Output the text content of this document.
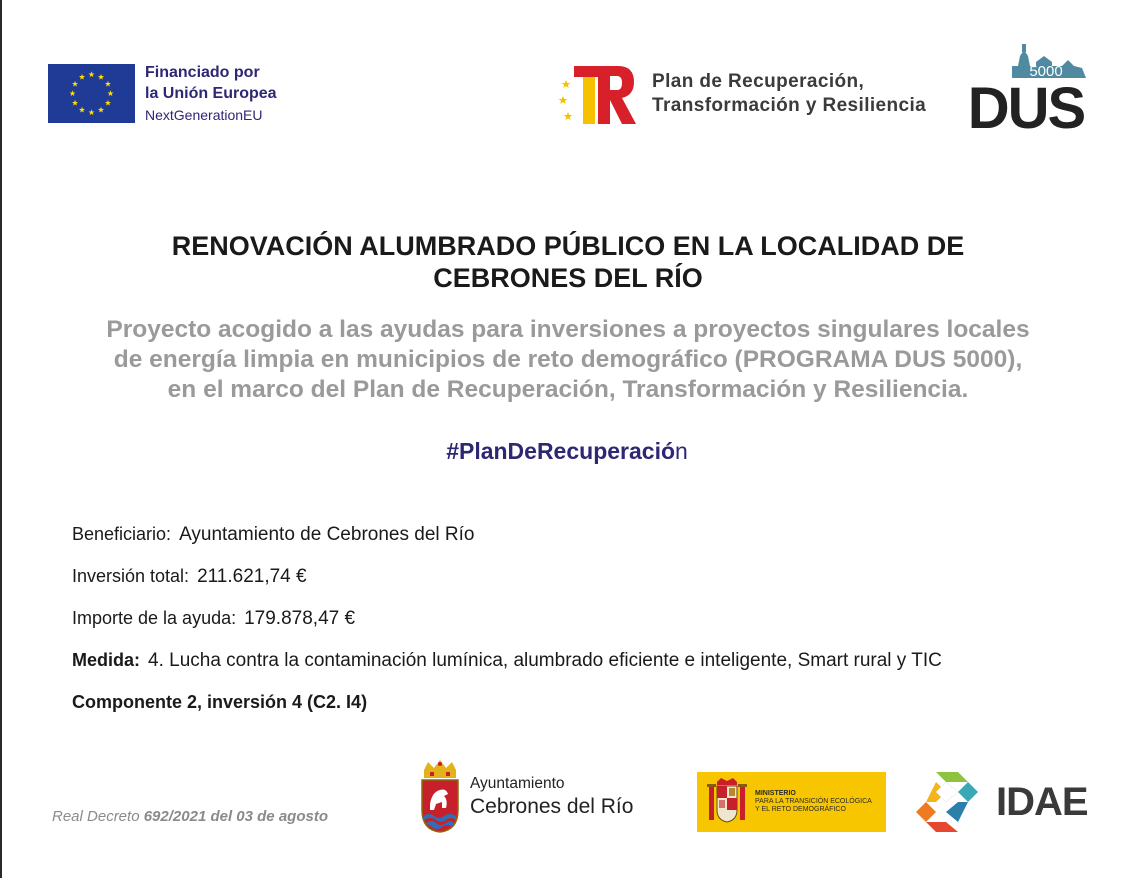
Financiado por
la Unión Europea
NextGenerationEU
Plan de Recuperación,
Transformación y Resiliencia
5000
DUS
RENOVACIÓN ALUMBRADO PÚBLICO EN LA LOCALIDAD DE
CEBRONES DEL RÍO
Proyecto acogido a las ayudas para inversiones a proyectos singulares locales
de energía limpia en municipios de reto demográfico (PROGRAMA DUS 5000),
en el marco del Plan de Recuperación, Transformación y Resiliencia.
#PlanDeRecuperación
Beneficiario: Ayuntamiento de Cebrones del Río
Inversión total: 211.621,74 €
Importe de la ayuda: 179.878,47 €
Medida: 4. Lucha contra la contaminación lumínica, alumbrado eficiente e inteligente, Smart rural y TIC
Componente 2, inversión 4 (C2. I4)
Real Decreto 692/2021 del 03 de agosto
Ayuntamiento
Cebrones del Río
MINISTERIO
PARA LA TRANSICIÓN ECOLÓGICA
Y EL RETO DEMOGRÁFICO	IDAE
